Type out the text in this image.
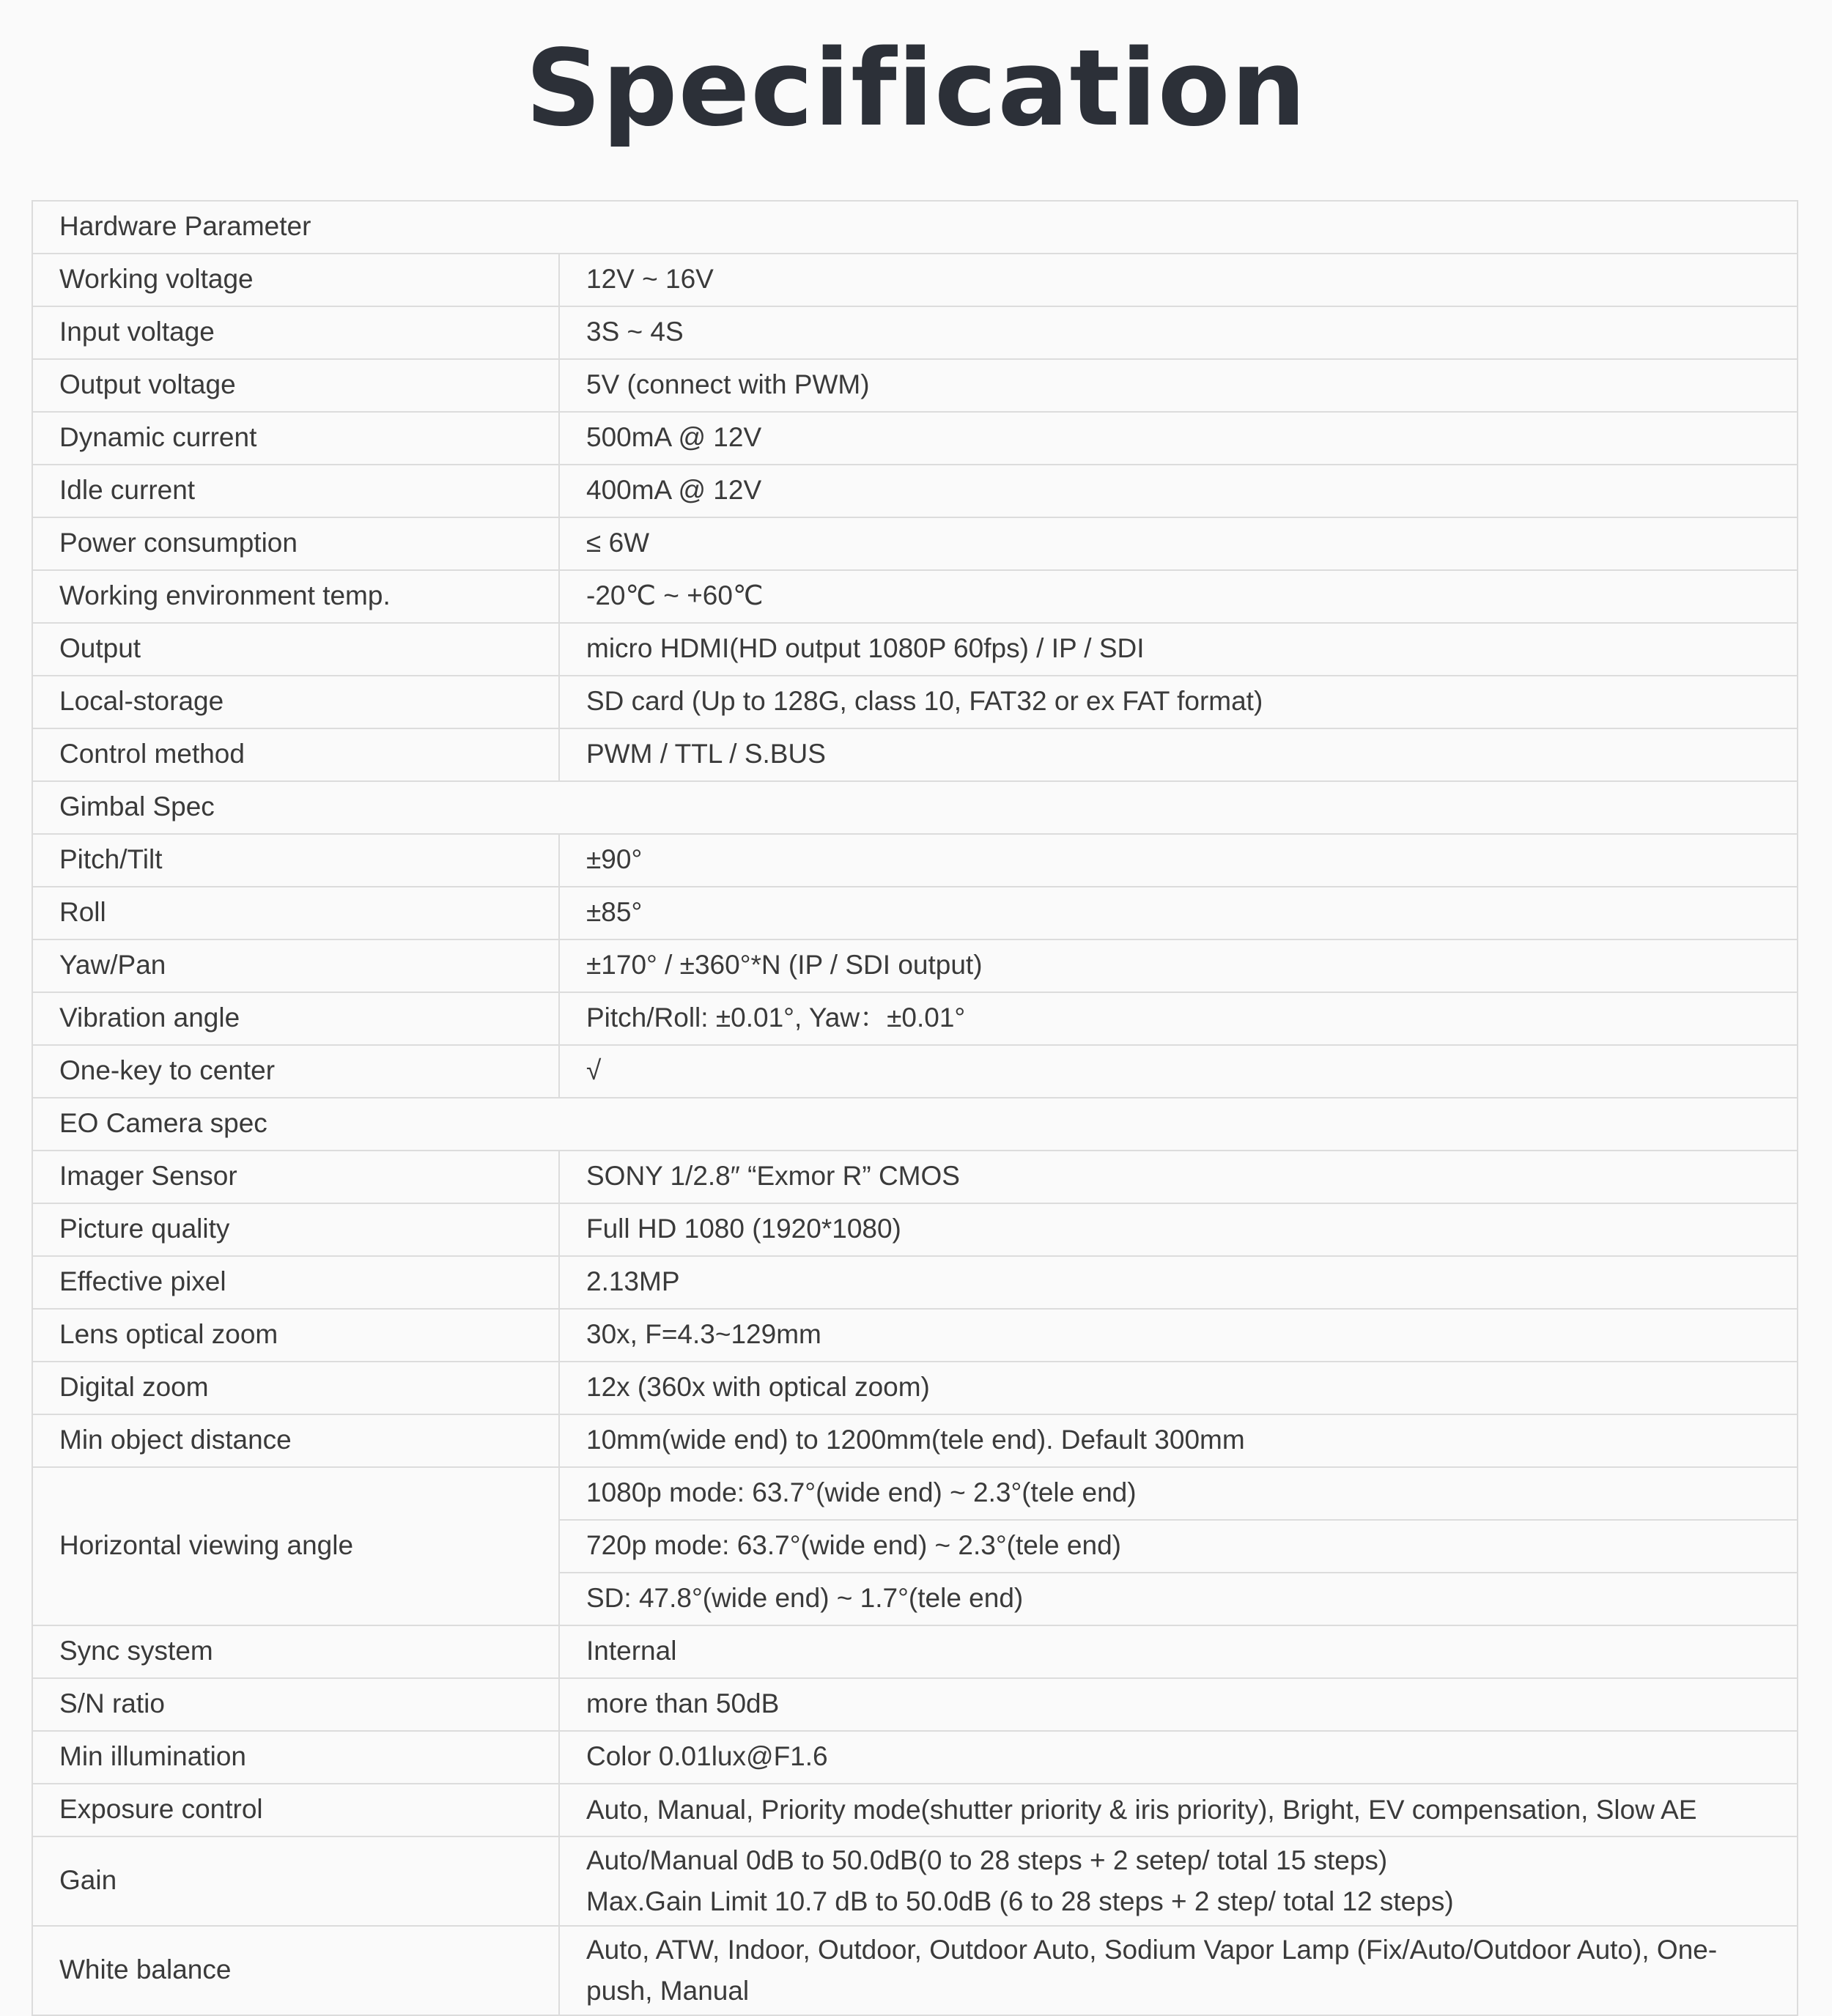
Specification
Hardware Parameter	
Working voltage	12V ~ 16V
Input voltage	3S ~ 4S
Output voltage	5V (connect with PWM)
Dynamic current	500mA @ 12V
Idle current	400mA @ 12V
Power consumption	≤ 6W
Working environment temp.	-20℃ ~ +60℃
Output	micro HDMI(HD output 1080P 60fps) / IP / SDI
Local-storage	SD card (Up to 128G, class 10, FAT32 or ex FAT format)
Control method	PWM / TTL / S.BUS
Gimbal Spec	
Pitch/Tilt	±90°
Roll	±85°
Yaw/Pan	±170° / ±360°*N (IP / SDI output)
Vibration angle	Pitch/Roll: ±0.01°, Yaw：±0.01°
One-key to center	√
EO Camera spec	
Imager Sensor	SONY 1/2.8″ “Exmor R” CMOS
Picture quality	Full HD 1080 (1920*1080)
Effective pixel	2.13MP
Lens optical zoom	30x, F=4.3~129mm
Digital zoom	12x (360x with optical zoom)
Min object distance	10mm(wide end) to 1200mm(tele end). Default 300mm
Horizontal viewing angle	1080p mode: 63.7°(wide end) ~ 2.3°(tele end)
	720p mode: 63.7°(wide end) ~ 2.3°(tele end)
	SD: 47.8°(wide end) ~ 1.7°(tele end)
Sync system	Internal
S/N ratio	more than 50dB
Min illumination	Color 0.01lux@F1.6
Exposure control	Auto, Manual, Priority mode(shutter priority & iris priority), Bright, EV compensation, Slow AE
Gain	Auto/Manual 0dB to 50.0dB(0 to 28 steps + 2 setep/ total 15 steps)
Max.Gain Limit 10.7 dB to 50.0dB (6 to 28 steps + 2 step/ total 12 steps)

White balance	Auto, ATW, Indoor, Outdoor, Outdoor Auto, Sodium Vapor Lamp (Fix/Auto/Outdoor Auto), One-push, Manual
